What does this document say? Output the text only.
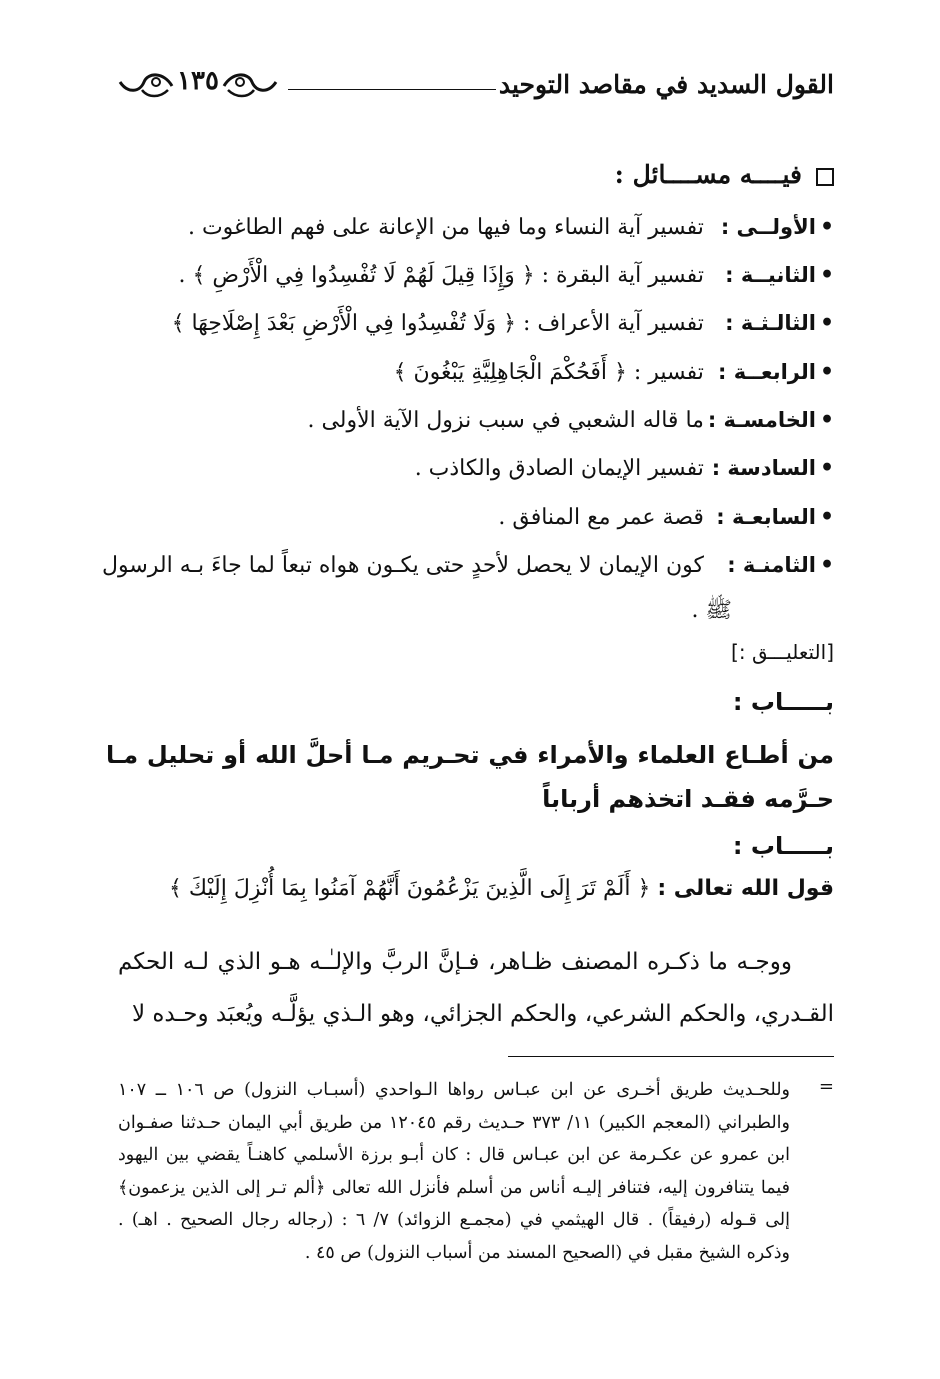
القول السديد في مقاصد التوحيد
١٣٥
فيــــه مســــائل :
•الأولــى :تفسير آية النساء وما فيها من الإعانة على فهم الطاغوت .
•الثانيــة :تفسير آية البقرة : ﴿ وَإِذَا قِيلَ لَهُمْ لَا تُفْسِدُوا فِي الْأَرْضِ ﴾ .
•الثالـثـة :تفسير آية الأعراف : ﴿ وَلَا تُفْسِدُوا فِي الْأَرْضِ بَعْدَ إِصْلَاحِهَا ﴾
•الرابعــة :تفسير : ﴿ أَفَحُكْمَ الْجَاهِلِيَّةِ يَبْغُونَ ﴾
•الخامسـة :ما قاله الشعبي في سبب نزول الآية الأولى .
•السادسة :تفسير الإيمان الصادق والكاذب .
•السابعـة :قصة عمر مع المنافق .
•الثامنـة :كون الإيمان لا يحصل لأحدٍ حتى يكـون هواه تبعاً لما جاءَ بـه الرسول
ﷺ .
[التعليـــق :]
بـــــاب :
من أطـاع العلماء والأمراء في تحـريم مـا أحلَّ الله أو تحليل مـا حـرَّمه فقـد اتخذهم أرباباً
بـــــاب :
قول الله تعالى : ﴿ أَلَمْ تَرَ إِلَى الَّذِينَ يَزْعُمُونَ أَنَّهُمْ آمَنُوا بِمَا أُنْزِلَ إِلَيْكَ ﴾
ووجـه ما ذكـره المصنف ظـاهر، فـإنَّ الربَّ والإلـٰـه هـو الذي لـه الحكم القـدري، والحكم الشرعي، والحكم الجزائي، وهو الـذي يؤلَّـه ويُعبَد وحـده لا
=
وللحـديث طريق أخـرى عن ابن عبـاس رواها الـواحدي (أسبـاب النزول) ص ١٠٦ ــ ١٠٧ والطبراني (المعجم الكبير) ١١/ ٣٧٣ حـديث رقم ١٢٠٤٥ من طريق أبي اليمان حـدثنا صفـوان ابن عمرو عن عكـرمة عن ابن عبـاس قال : كان أبـو برزة الأسلمي كاهنـاً يقضي بين اليهود فيما يتنافرون إليه، فتنافر إليـه أناس من أسلم فأنزل الله تعالى ﴿ألم تـر إلى الذين يزعمون﴾ إلى قـوله (رفيقاً) . قال الهيثمي في (مجمـع الزوائد) ٧/ ٦ : (رجاله رجال الصحيح . اهـ) . وذكره الشيخ مقبل في (الصحيح المسند من أسباب النزول) ص ٤٥ .
